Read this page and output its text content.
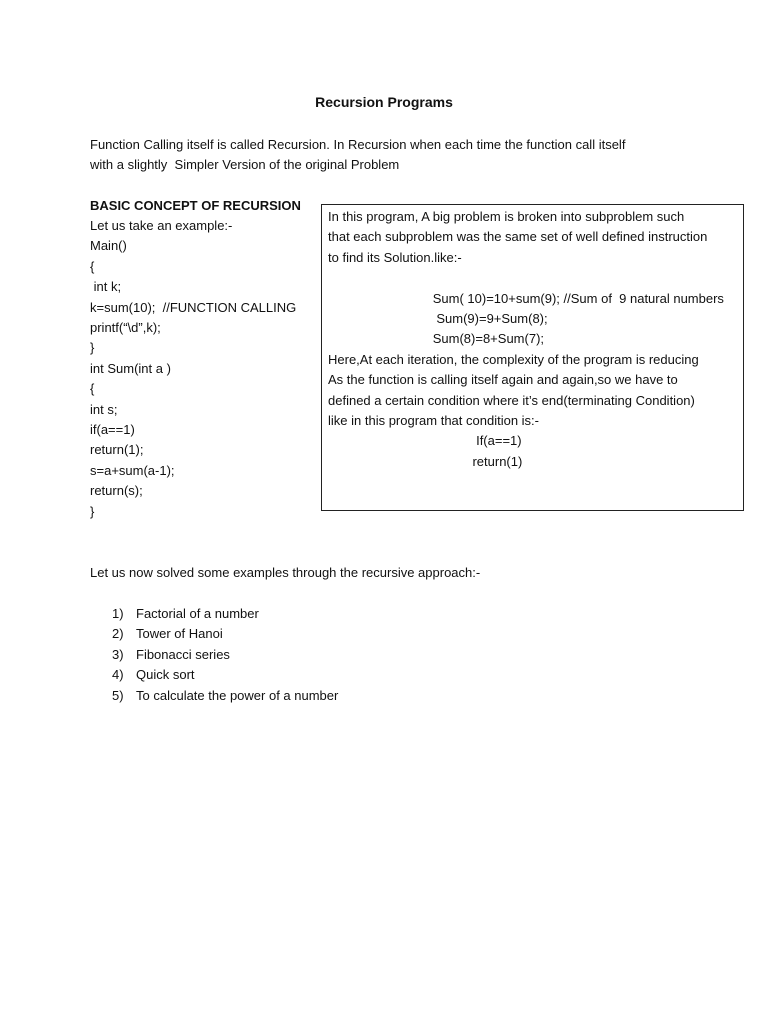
Recursion Programs
Function Calling itself is called Recursion. In Recursion when each time the function call itself
with a slightly  Simpler Version of the original Problem
BASIC CONCEPT OF RECURSION
Let us take an example:-
Main()
{
int k;
k=sum(10);  //FUNCTION CALLING
printf(“\d”,k);
}
int Sum(int a )
{
int s;
if(a==1)
return(1);
s=a+sum(a-1);
return(s);
}
In this program, A big problem is broken into subproblem such
that each subproblem was the same set of well defined instruction
to find its Solution.like:-

Sum( 10)=10+sum(9); //Sum of  9 natural numbers
Sum(9)=9+Sum(8);
Sum(8)=8+Sum(7);
Here,At each iteration, the complexity of the program is reducing
As the function is calling itself again and again,so we have to
defined a certain condition where it’s end(terminating Condition)
like in this program that condition is:-
If(a==1)
return(1)
Let us now solved some examples through the recursive approach:-
1) Factorial of a number
2) Tower of Hanoi
3) Fibonacci series
4) Quick sort
5) To calculate the power of a number
